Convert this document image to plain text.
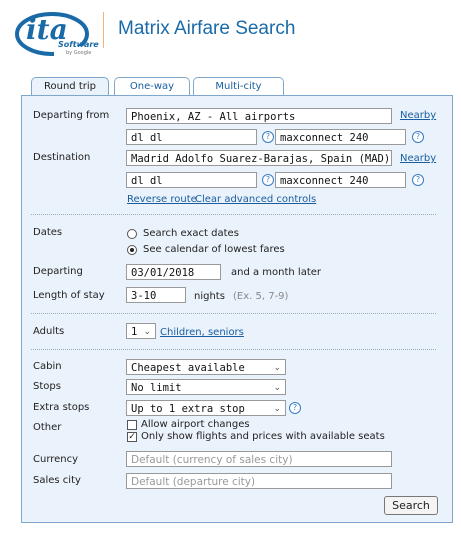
ita
Software
by Google
Matrix Airfare Search
Round trip	One-way	Multi-city
Departing from	Phoenix, AZ - All airports	Nearby
dl dl	? maxconnect 240	?
Destination	Madrid Adolfo Suarez-Barajas, Spain (MAD) Nearby
dl dl	? maxconnect 240	?
Reverse route
Clear advanced controls
Dates	Search exact dates
See calendar of lowest fares
Departing	03/01/2018	and a month later
Length of stay	3-10	nights (Ex. 5, 7-9)
Adults	1 ⌄ Children, seniors
Cabin	Cheapest available	⌄
Stops	No limit	⌄
Extra stops	Up to 1 extra stop	⌄	?
Other	Allow airport changes
✓ Only show flights and prices with available seats
Currency	Default (currency of sales city)
Sales city	Default (departure city)
Search
